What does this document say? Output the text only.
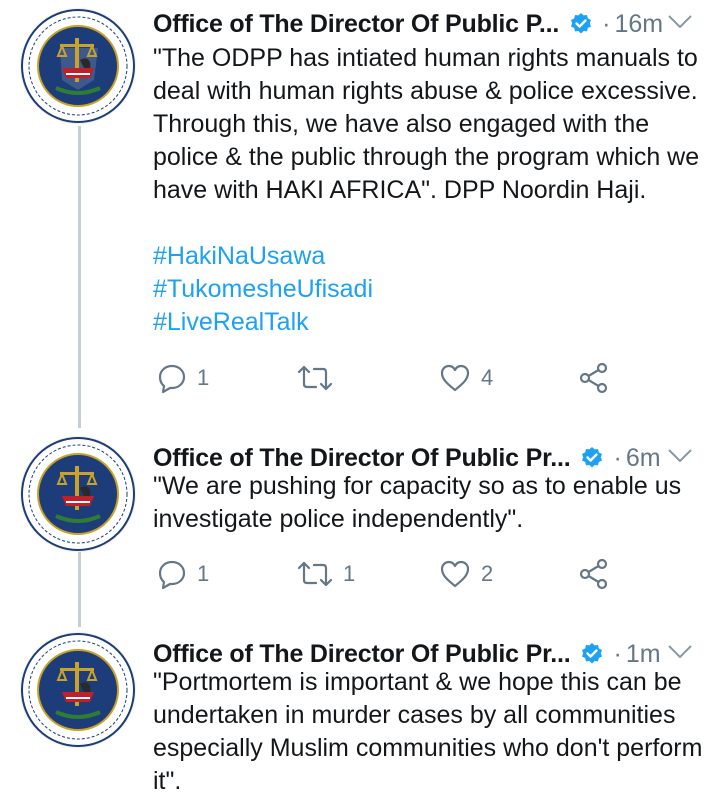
Office of The Director Of Public P... · 16m
"The ODPP has intiated human rights manuals to deal with human rights abuse & police excessive. Through this, we have also engaged with the police & the public through the program which we have with HAKI AFRICA". DPP Noordin Haji.
#HakiNaUsawa
#TukomesheUfisadi
#LiveRealTalk
1	4
Office of The Director Of Public Pr... · 6m
"We are pushing for capacity so as to enable us investigate police independently".
1	1	2
Office of The Director Of Public Pr... · 1m
"Portmortem is important & we hope this can be undertaken in murder cases by all communities especially Muslim communities who don't perform it".
